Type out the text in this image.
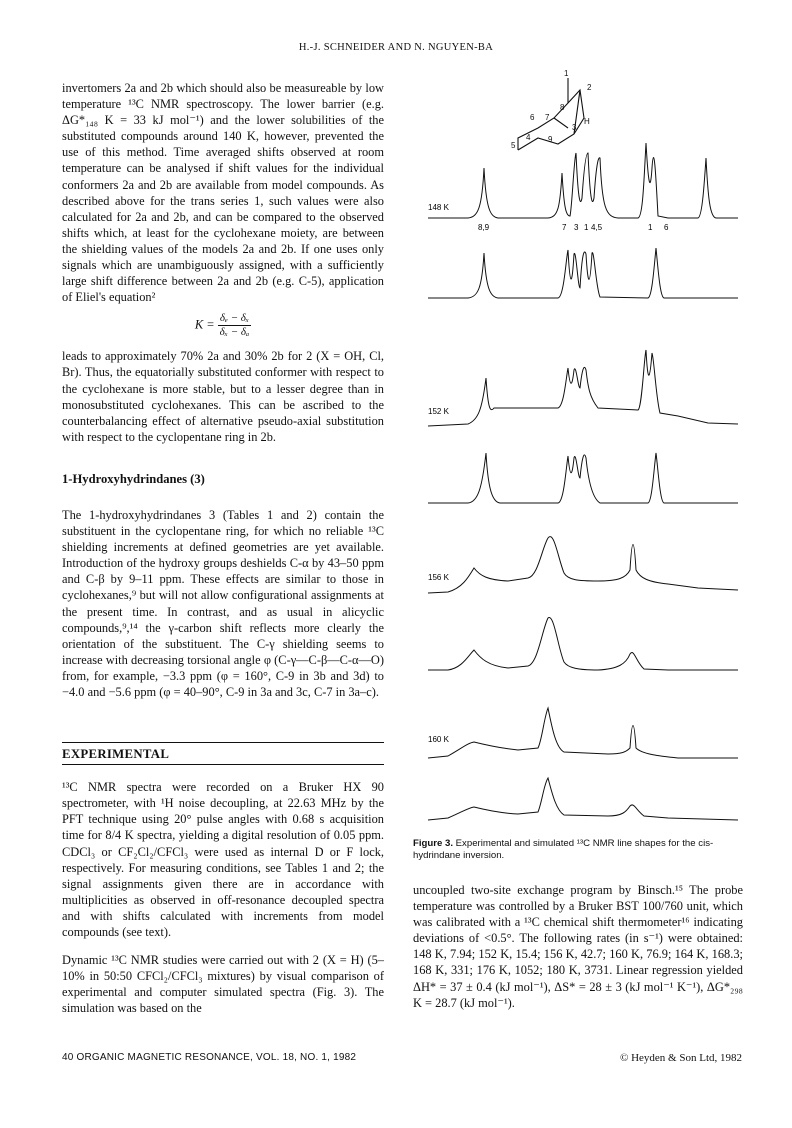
H.-J. SCHNEIDER AND N. NGUYEN-BA

invertomers 2a and 2b which should also be measureable by low temperature ¹³C NMR spectroscopy. The lower barrier (e.g. ΔG*₁₄₈ K = 33 kJ mol⁻¹) and the lower solubilities of the substituted compounds around 140 K, however, prevented the use of this method. Time averaged shifts observed at room temperature can be analysed if shift values for the individual conformers 2a and 2b are available from model compounds. As described above for the trans series 1, such values were also calculated for 2a and 2b, and can be compared to the observed shifts which, at least for the cyclohexane moiety, are between the shielding values of the models 2a and 2b. If one uses only signals which are unambiguously assigned, with a sufficiently large shift difference between 2a and 2b (e.g. C-5), application of Eliel's equation²

$K = \frac{\text{δₑ − δₓ}}{\text{δₓ − δₐ}}$

leads to approximately 70% 2a and 30% 2b for 2 (X = OH, Cl, Br). Thus, the equatorially substituted conformer with respect to the cyclohexane is more stable, but to a lesser degree than in monosubstituted cyclohexanes. This can be ascribed to the counterbalancing effect of alternative pseudo-axial substitution with respect to the cyclopentane ring in 2b.

1-Hydroxyhydrindanes (3)

The 1-hydroxyhydrindanes 3 (Tables 1 and 2) contain the substituent in the cyclopentane ring, for which no reliable ¹³C shielding increments at defined geometries are yet available. Introduction of the hydroxy groups deshields C-α by 43–50 ppm and C-β by 9–11 ppm. These effects are similar to those in cyclohexanes,⁹ but will not allow configurational assignments at the present time. In contrast, and as usual in alicyclic compounds,⁹,¹⁴ the γ-carbon shift reflects more clearly the orientation of the substituent. The C-γ shielding seems to increase with decreasing torsional angle φ (C-γ—C-β—C-α—O) from, for example, −3.3 ppm (φ = 160°, C-9 in 3b and 3d) to −4.0 and −5.6 ppm (φ = 40–90°, C-9 in 3a and 3c, C-7 in 3a–c).

EXPERIMENTAL

¹³C NMR spectra were recorded on a Bruker HX 90 spectrometer, with ¹H noise decoupling, at 22.63 MHz by the PFT technique using 20° pulse angles with 0.68 s acquisition time for 8/4 K spectra, yielding a digital resolution of 0.05 ppm. CDCl₃ or CF₂Cl₂/CFCl₃ were used as internal D or F lock, respectively. For measuring conditions, see Tables 1 and 2; the signal assignments given there are in accordance with multiplicities as observed in off-resonance decoupled spectra and with shifts calculated with increments from model compounds (see text).

Dynamic ¹³C NMR studies were carried out with 2 (X = H) (5–10% in 50:50 CFCl₂/CFCl₃ mixtures) by visual comparison of experimental and computer simulated spectra (Fig. 3). The simulation was based on the

2
1
3
4
5
6 7
8
9
H
148 K
8,9	7 3 1 4,5	1 6
152 K
156 K
160 K
Figure 3. Experimental and simulated ¹³C NMR line shapes for the cis-hydrindane inversion.

uncoupled two-site exchange program by Binsch.¹⁵ The probe temperature was controlled by a Bruker BST 100/760 unit, which was calibrated with a ¹³C chemical shift thermometer¹⁶ indicating deviations of <0.5°. The following rates (in s⁻¹) were obtained: 148 K, 7.94; 152 K, 15.4; 156 K, 42.7; 160 K, 76.9; 164 K, 168.3; 168 K, 331; 176 K, 1052; 180 K, 3731. Linear regression yielded ΔH* = 37 ± 0.4 (kJ mol⁻¹), ΔS* = 28 ± 3 (kJ mol⁻¹ K⁻¹), ΔG*₂₉₈ K = 28.7 (kJ mol⁻¹).

40 ORGANIC MAGNETIC RESONANCE, VOL. 18, NO. 1, 1982	© Heyden & Son Ltd, 1982
